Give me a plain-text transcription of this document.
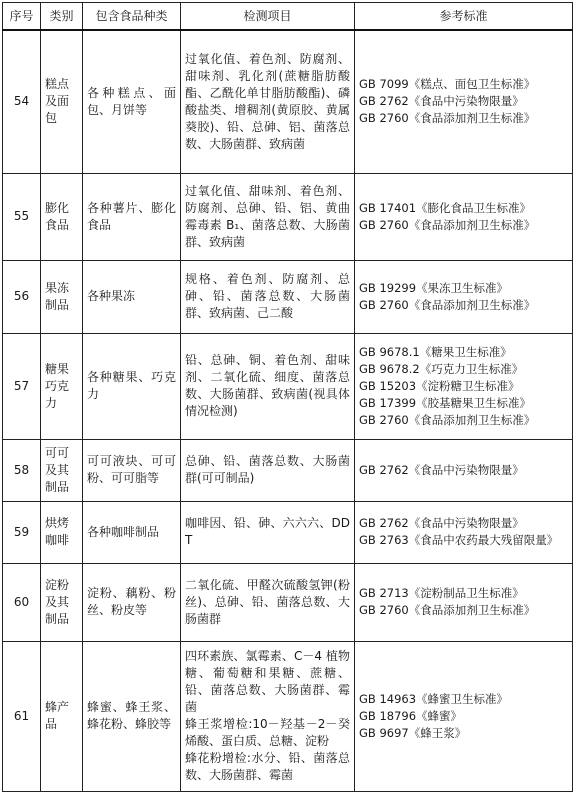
序号	类别	包含食品种类	检测项目	参考标准
54	糕点及面包	各种糕点、面包、月饼等	过氧化值、着色剂、防腐剂、甜味剂、乳化剂(蔗糖脂肪酸酯、乙酰化单甘脂肪酸酯)、磷酸盐类、增稠剂(黄原胶、黄属葵胶)、铅、总砷、铝、菌落总数、大肠菌群、致病菌	GB 7099《糕点、面包卫生标准》
GB 2762《食品中污染物限量》
GB 2760《食品添加剂卫生标准》
55	膨化食品	各种薯片、膨化食品	过氧化值、甜味剂、着色剂、防腐剂、总砷、铅、铝、黄曲霉毒素 B₁、菌落总数、大肠菌群、致病菌	GB 17401《膨化食品卫生标准》
GB 2760《食品添加剂卫生标准》
56	果冻制品	各种果冻	规格、着色剂、防腐剂、总砷、铅、菌落总数、大肠菌群、致病菌、己二酸	GB 19299《果冻卫生标准》
GB 2760《食品添加剂卫生标准》
57	糖果巧克力	各种糖果、巧克力	铅、总砷、铜、着色剂、甜味剂、二氧化硫、细度、菌落总数、大肠菌群、致病菌(视具体情况检测)	GB 9678.1《糖果卫生标准》
GB 9678.2《巧克力卫生标准》
GB 15203《淀粉糖卫生标准》
GB 17399《胶基糖果卫生标准》
GB 2760《食品添加剂卫生标准》
58	可可及其制品	可可液块、可可粉、可可脂等	总砷、铅、菌落总数、大肠菌群(可可制品)	GB 2762《食品中污染物限量》
59	烘烤咖啡	各种咖啡制品	咖啡因、铅、砷、六六六、DDT	GB 2762《食品中污染物限量》
GB 2763《食品中农药最大残留限量》
60	淀粉及其制品	淀粉、藕粉、粉丝、粉皮等	二氧化硫、甲醛次硫酸氢钾(粉丝)、总砷、铅、菌落总数、大肠菌群	GB 2713《淀粉制品卫生标准》
GB 2760《食品添加剂卫生标准》
61	蜂产品	蜂蜜、蜂王浆、蜂花粉、蜂胶等	四环素族、氯霉素、C－4 植物糖、葡萄糖和果糖、蔗糖、铅、菌落总数、大肠菌群、霉菌
蜂王浆增检:10－羟基－2－癸烯酸、蛋白质、总糖、淀粉
蜂花粉增检:水分、铅、菌落总数、大肠菌群、霉菌	GB 14963《蜂蜜卫生标准》
GB 18796《蜂蜜》
GB 9697《蜂王浆》
